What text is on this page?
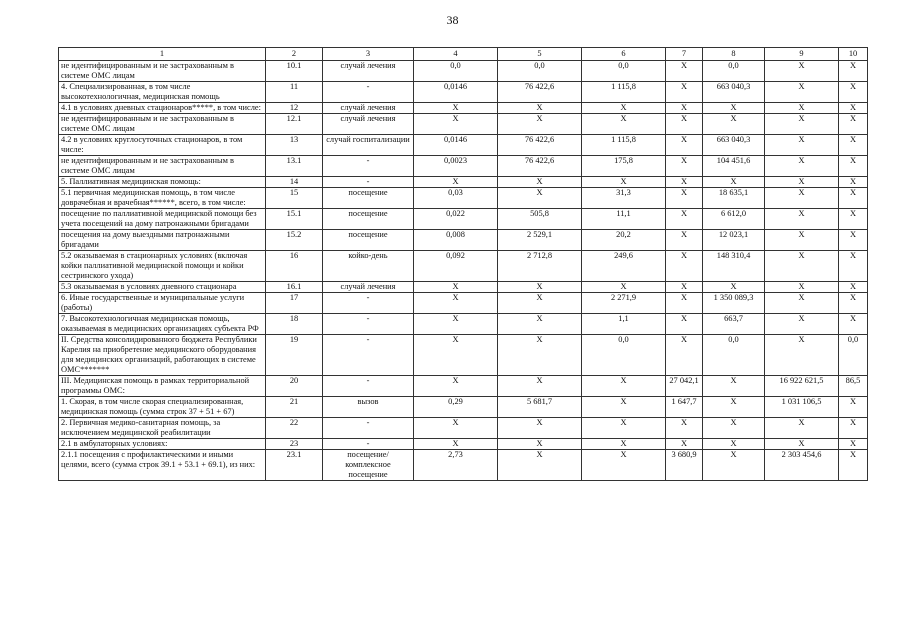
38
1	2	3	4	5	6	7	8	9	10
не идентифицированным и не застрахованным в системе ОМС лицам	10.1	случай лечения	0,0	0,0	0,0	X	0,0	X	X
4. Специализированная, в том числе высокотехнологичная, медицинская помощь	11	-	0,0146	76 422,6	1 115,8	X	663 040,3	X	X
4.1 в условиях дневных стационаров*****, в том числе:	12	случай лечения	X	X	X	X	X	X	X
не идентифицированным и не застрахованным в системе ОМС лицам	12.1	случай лечения	X	X	X	X	X	X	X
4.2 в условиях круглосуточных стационаров, в том числе:	13	случай госпитализации	0,0146	76 422,6	1 115,8	X	663 040,3	X	X
не идентифицированным и не застрахованным в системе ОМС лицам	13.1	-	0,0023	76 422,6	175,8	X	104 451,6	X	X
5. Паллиативная медицинская помощь:	14	-	X	X	X	X	X	X	X
5.1 первичная медицинская помощь, в том числе доврачебная и врачебная******, всего, в том числе:	15	посещение	0,03	X	31,3	X	18 635,1	X	X
посещение по паллиативной медицинской помощи без учета посещений на дому патронажными бригадами	15.1	посещение	0,022	505,8	11,1	X	6 612,0	X	X
посещения на дому выездными патронажными бригадами	15.2	посещение	0,008	2 529,1	20,2	X	12 023,1	X	X
5.2 оказываемая в стационарных условиях (включая койки паллиативной медицинской помощи и койки сестринского ухода)	16	койко-день	0,092	2 712,8	249,6	X	148 310,4	X	X
5.3 оказываемая в условиях дневного стационара	16.1	случай лечения	X	X	X	X	X	X	X
6. Иные государственные и муниципальные услуги (работы)	17	-	X	X	2 271,9	X	1 350 089,3	X	X
7. Высокотехнологичная медицинская помощь, оказываемая в медицинских организациях субъекта РФ	18	-	X	X	1,1	X	663,7	X	X
II. Средства консолидированного бюджета Республики Карелия на приобретение медицинского оборудования для медицинских организаций, работающих в системе ОМС*******	19	-	X	X	0,0	X	0,0	X	0,0
III. Медицинская помощь в рамках территориальной программы ОМС:	20	-	X	X	X	27 042,1	X	16 922 621,5	86,5
1. Скорая, в том числе скорая специализированная, медицинская помощь (сумма строк 37 + 51 + 67)	21	вызов	0,29	5 681,7	X	1 647,7	X	1 031 106,5	X
2. Первичная медико-санитарная помощь, за исключением медицинской реабилитации	22	-	X	X	X	X	X	X	X
2.1 в амбулаторных условиях:	23	-	X	X	X	X	X	X	X
2.1.1 посещения с профилактическими и иными целями, всего (сумма строк 39.1 + 53.1 + 69.1), из них:	23.1	посещение/ комплексное посещение	2,73	X	X	3 680,9	X	2 303 454,6	X
